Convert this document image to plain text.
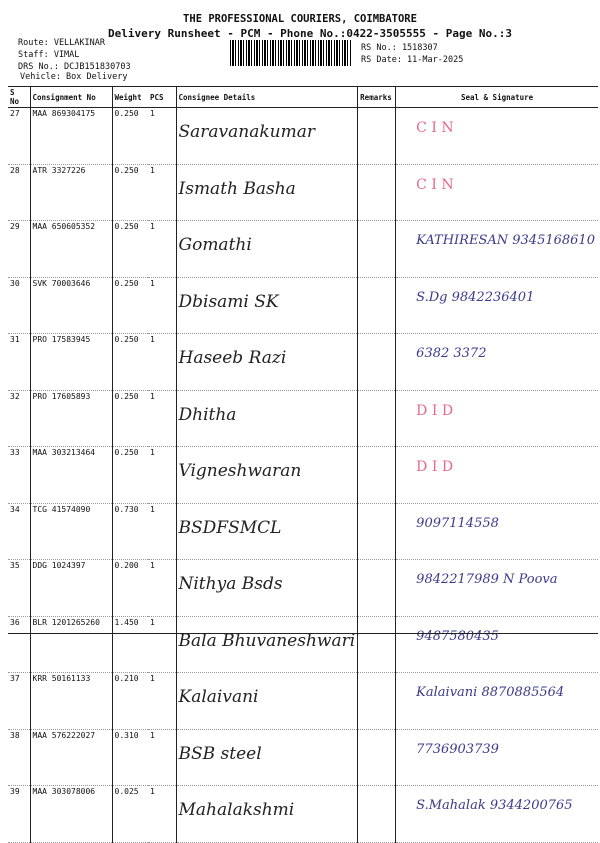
THE PROFESSIONAL COURIERS, COIMBATORE
Delivery Runsheet - PCM - Phone No.:0422-3505555 - Page No.:3
Route: VELLAKINAR
Staff: VIMAL
DRS No.: DCJB151830703
Vehicle: Box Delivery
RS No.: 1518307
RS Date: 11-Mar-2025
S No	Consignment No	Weight	PCS	Consignee Details	Remarks	Seal & Signature
27	MAA 869304175	0.250	1	Saravanakumar		C I N
28	ATR 3327226	0.250	1	Ismath Basha		C I N
29	MAA 650605352	0.250	1	Gomathi		KATHIRESAN 9345168610
30	SVK 70003646	0.250	1	Dbisami SK		S.Dg 9842236401
31	PRO 17583945	0.250	1	Haseeb Razi		6382 3372
32	PRO 17605893	0.250	1	Dhitha		D I D
33	MAA 303213464	0.250	1	Vigneshwaran		D I D
34	TCG 41574090	0.730	1	BSDFSMCL		9097114558
35	DDG 1024397	0.200	1	Nithya Bsds		9842217989 N Poova
36	BLR 1201265260	1.450	1	Bala Bhuvaneshwari		9487580435
37	KRR 50161133	0.210	1	Kalaivani		Kalaivani 8870885564
38	MAA 576222027	0.310	1	BSB steel		7736903739
39	MAA 303078006	0.025	1	Mahalakshmi		S.Mahalak 9344200765
